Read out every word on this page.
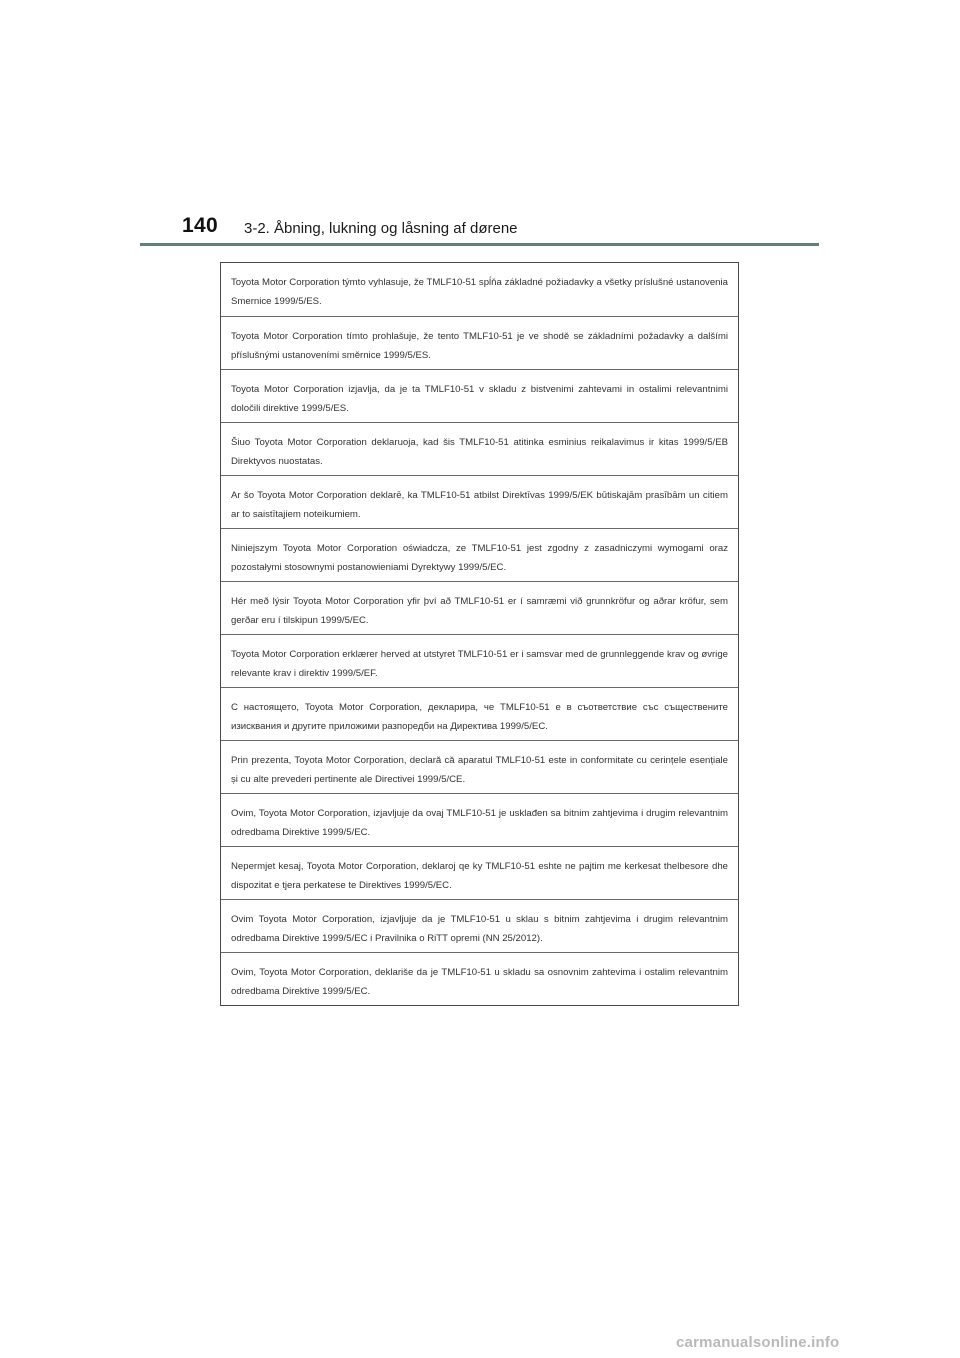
140 3-2. Åbning, lukning og låsning af dørene
Toyota Motor Corporation týmto vyhlasuje, že TMLF10-51 spĺňa základné požiadavky a všetky príslušné ustanovenia Smernice 1999/5/ES.
Toyota Motor Corporation tímto prohlašuje, že tento TMLF10-51 je ve shodě se základními požadavky a dalšími příslušnými ustanoveními směrnice 1999/5/ES.
Toyota Motor Corporation izjavlja, da je ta TMLF10-51 v skladu z bistvenimi zahtevami in ostalimi relevantnimi določili direktive 1999/5/ES.
Šiuo Toyota Motor Corporation deklaruoja, kad šis TMLF10-51 atitinka esminius reikalavimus ir kitas 1999/5/EB Direktyvos nuostatas.
Ar šo Toyota Motor Corporation deklarē, ka TMLF10-51 atbilst Direktīvas 1999/5/EK būtiskajām prasībām un citiem ar to saistītajiem noteikumiem.
Niniejszym Toyota Motor Corporation oświadcza, ze TMLF10-51 jest zgodny z zasadniczymi wymogami oraz pozostałymi stosownymi postanowieniami Dyrektywy 1999/5/EC.
Hér með lýsir Toyota Motor Corporation yfir því að TMLF10-51 er í samræmi við grunnkröfur og aðrar kröfur, sem gerðar eru í tilskipun 1999/5/EC.
Toyota Motor Corporation erklærer herved at utstyret TMLF10-51 er i samsvar med de grunnleggende krav og øvrige relevante krav i direktiv 1999/5/EF.
С настоящето, Toyota Motor Corporation, декларира, че TMLF10-51 е в съответствие със съществените изисквания и другите приложими разпоредби на Директива 1999/5/ЕС.
Prin prezenta, Toyota Motor Corporation, declară că aparatul TMLF10-51 este in conformitate cu cerințele esențiale și cu alte prevederi pertinente ale Directivei 1999/5/CE.
Ovim, Toyota Motor Corporation, izjavljuje da ovaj TMLF10-51 je usklađen sa bitnim zahtjevima i drugim relevantnim odredbama Direktive 1999/5/EC.
Nepermjet kesaj, Toyota Motor Corporation, deklaroj qe ky TMLF10-51 eshte ne pajtim me kerkesat thelbesore dhe dispozitat e tjera perkatese te Direktives 1999/5/EC.
Ovim Toyota Motor Corporation, izjavljuje da je TMLF10-51 u sklau s bitnim zahtjevima i drugim relevantnim odredbama Direktive 1999/5/EC i Pravilnika o RiTT opremi (NN 25/2012).
Ovim, Toyota Motor Corporation, deklariše da je TMLF10-51 u skladu sa osnovnim zahtevima i ostalim relevantnim odredbama Direktive 1999/5/EC.
carmanualsonline.info
